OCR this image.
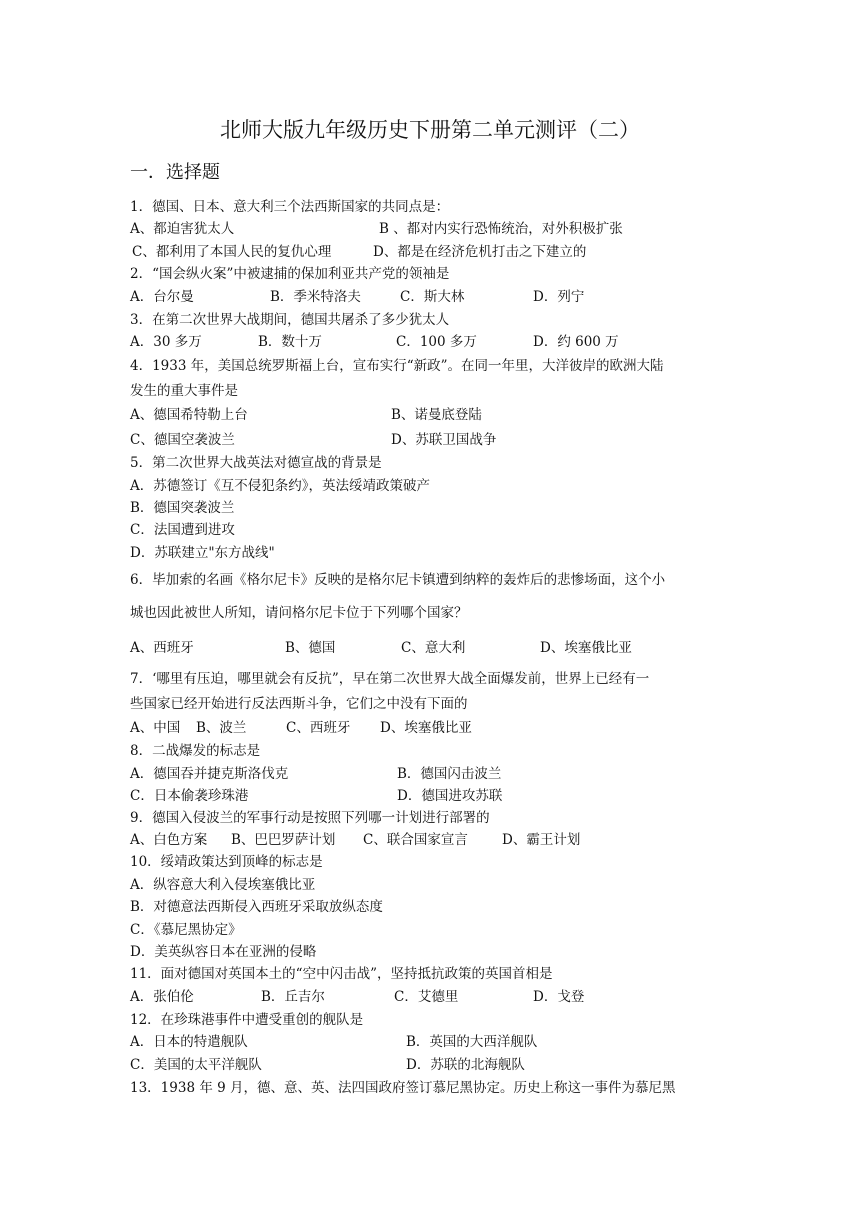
北师大版九年级历史下册第二单元测评（二）
一．选择题
1．德国、日本、意大利三个法西斯国家的共同点是：
A、都迫害犹太人	B 、都对内实行恐怖统治，对外积极扩张
C、都利用了本国人民的复仇心理	D、都是在经济危机打击之下建立的
2．“国会纵火案”中被逮捕的保加利亚共产党的领袖是
A．台尔曼	B．季米特洛夫	C．斯大林	D．列宁
3．在第二次世界大战期间，德国共屠杀了多少犹太人
A．30 多万	B．数十万	C．100 多万	D．约 600 万
4．1933 年，美国总统罗斯福上台，宣布实行“新政”。在同一年里，大洋彼岸的欧洲大陆
发生的重大事件是
A、德国希特勒上台	B、诺曼底登陆
C、德国空袭波兰	D、苏联卫国战争
5．第二次世界大战英法对德宣战的背景是
A．苏德签订《互不侵犯条约》，英法绥靖政策破产
B．德国突袭波兰
C．法国遭到进攻
D．苏联建立"东方战线"
6．毕加索的名画《格尔尼卡》反映的是格尔尼卡镇遭到纳粹的轰炸后的悲惨场面，这个小
城也因此被世人所知，请问格尔尼卡位于下列哪个国家？
A、西班牙	B、德国	C、意大利	D、埃塞俄比亚
7．‘哪里有压迫，哪里就会有反抗”，早在第二次世界大战全面爆发前，世界上已经有一
些国家已经开始进行反法西斯斗争，它们之中没有下面的
A、中国 B、波兰	C、西班牙 D、埃塞俄比亚
8．二战爆发的标志是
A．德国吞并捷克斯洛伐克	B．德国闪击波兰
C．日本偷袭珍珠港	D．德国进攻苏联
9．德国入侵波兰的军事行动是按照下列哪一计划进行部署的
A、白色方案 B、巴巴罗萨计划 C、联合国家宣言	D、霸王计划
10．绥靖政策达到顶峰的标志是
A．纵容意大利入侵埃塞俄比亚
B．对德意法西斯侵入西班牙采取放纵态度
C．《慕尼黑协定》
D．美英纵容日本在亚洲的侵略
11．面对德国对英国本土的“空中闪击战”，坚持抵抗政策的英国首相是
A．张伯伦	B．丘吉尔	C．艾德里	D．戈登
12．在珍珠港事件中遭受重创的舰队是
A．日本的特遣舰队	B．英国的大西洋舰队
C．美国的太平洋舰队	D．苏联的北海舰队
13．1938 年 9 月，德、意、英、法四国政府签订慕尼黑协定。历史上称这一事件为慕尼黑
